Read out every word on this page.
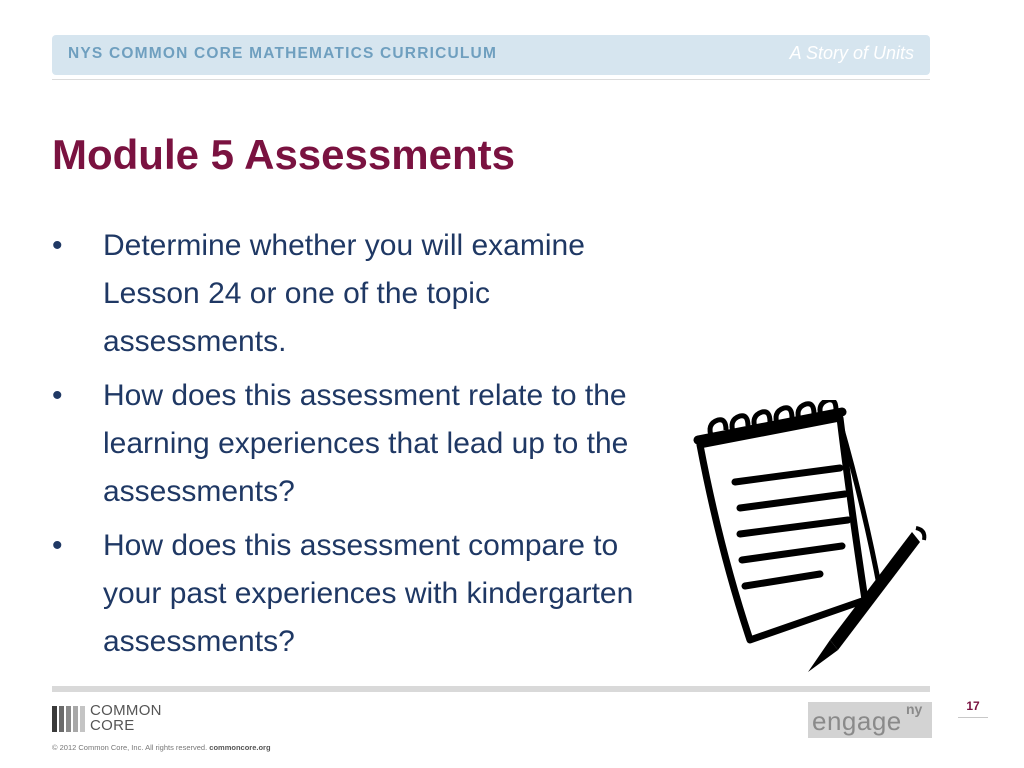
NYS COMMON CORE MATHEMATICS CURRICULUM	A Story of Units
Module 5 Assessments
•	Determine whether you will examine Lesson 24 or one of the topic assessments.
•	How does this assessment relate to the learning experiences that lead up to the assessments?
•	How does this assessment compare to your past experiences with kindergarten assessments?
COMMON
CORE
© 2012 Common Core, Inc. All rights reserved. commoncore.org
engage ny	17
